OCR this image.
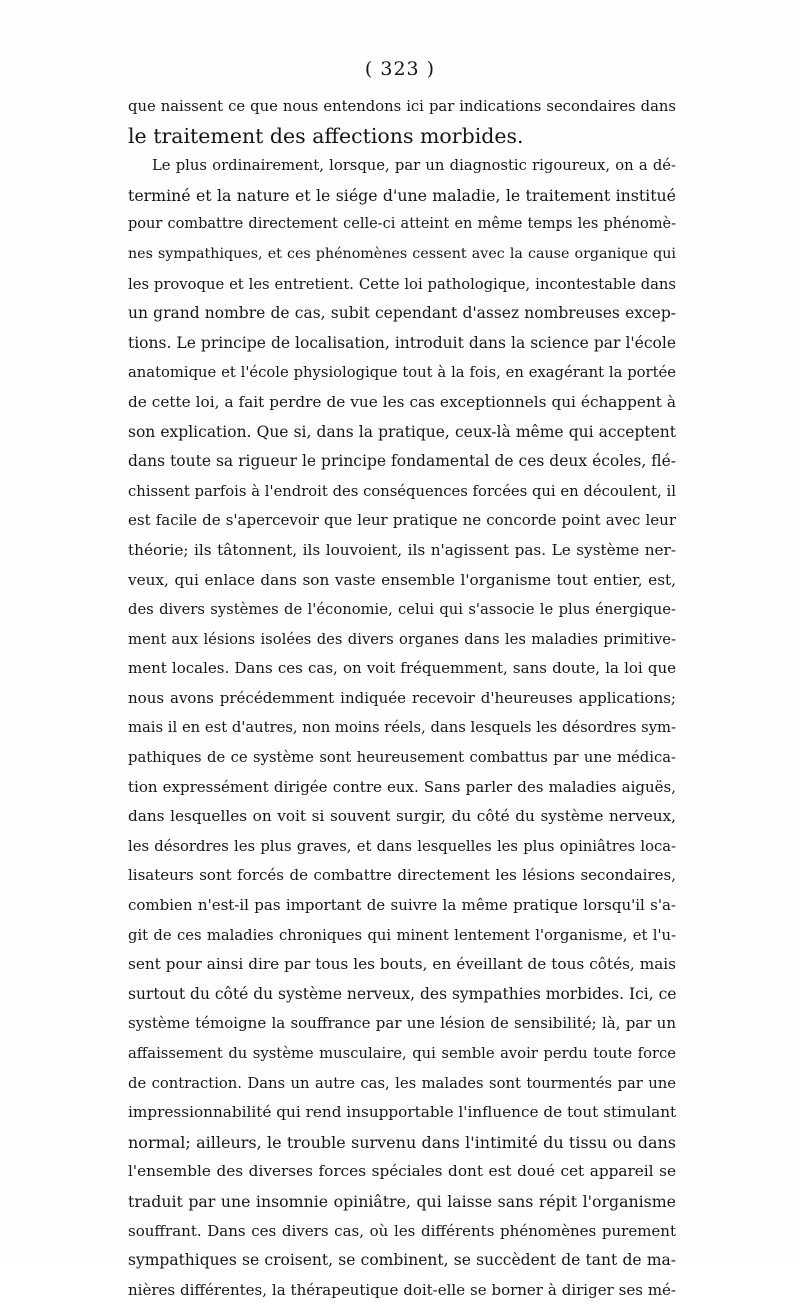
( 323 )
que naissent ce que nous entendons ici par indications secondaires dans
le traitement des affections morbides.
Le plus ordinairement, lorsque, par un diagnostic rigoureux, on a dé-
terminé et la nature et le siége d'une maladie, le traitement institué
pour combattre directement celle-ci atteint en même temps les phénomè-
nes sympathiques, et ces phénomènes cessent avec la cause organique qui
les provoque et les entretient. Cette loi pathologique, incontestable dans
un grand nombre de cas, subit cependant d'assez nombreuses excep-
tions. Le principe de localisation, introduit dans la science par l'école
anatomique et l'école physiologique tout à la fois, en exagérant la portée
de cette loi, a fait perdre de vue les cas exceptionnels qui échappent à
son explication. Que si, dans la pratique, ceux-là même qui acceptent
dans toute sa rigueur le principe fondamental de ces deux écoles, flé-
chissent parfois à l'endroit des conséquences forcées qui en découlent, il
est facile de s'apercevoir que leur pratique ne concorde point avec leur
théorie; ils tâtonnent, ils louvoient, ils n'agissent pas. Le système ner-
veux, qui enlace dans son vaste ensemble l'organisme tout entier, est,
des divers systèmes de l'économie, celui qui s'associe le plus énergique-
ment aux lésions isolées des divers organes dans les maladies primitive-
ment locales. Dans ces cas, on voit fréquemment, sans doute, la loi que
nous avons précédemment indiquée recevoir d'heureuses applications;
mais il en est d'autres, non moins réels, dans lesquels les désordres sym-
pathiques de ce système sont heureusement combattus par une médica-
tion expressément dirigée contre eux. Sans parler des maladies aiguës,
dans lesquelles on voit si souvent surgir, du côté du système nerveux,
les désordres les plus graves, et dans lesquelles les plus opiniâtres loca-
lisateurs sont forcés de combattre directement les lésions secondaires,
combien n'est-il pas important de suivre la même pratique lorsqu'il s'a-
git de ces maladies chroniques qui minent lentement l'organisme, et l'u-
sent pour ainsi dire par tous les bouts, en éveillant de tous côtés, mais
surtout du côté du système nerveux, des sympathies morbides. Ici, ce
système témoigne la souffrance par une lésion de sensibilité; là, par un
affaissement du système musculaire, qui semble avoir perdu toute force
de contraction. Dans un autre cas, les malades sont tourmentés par une
impressionnabilité qui rend insupportable l'influence de tout stimulant
normal; ailleurs, le trouble survenu dans l'intimité du tissu ou dans
l'ensemble des diverses forces spéciales dont est doué cet appareil se
traduit par une insomnie opiniâtre, qui laisse sans répit l'organisme
souffrant. Dans ces divers cas, où les différents phénomènes purement
sympathiques se croisent, se combinent, se succèdent de tant de ma-
nières différentes, la thérapeutique doit-elle se borner à diriger ses mé-
